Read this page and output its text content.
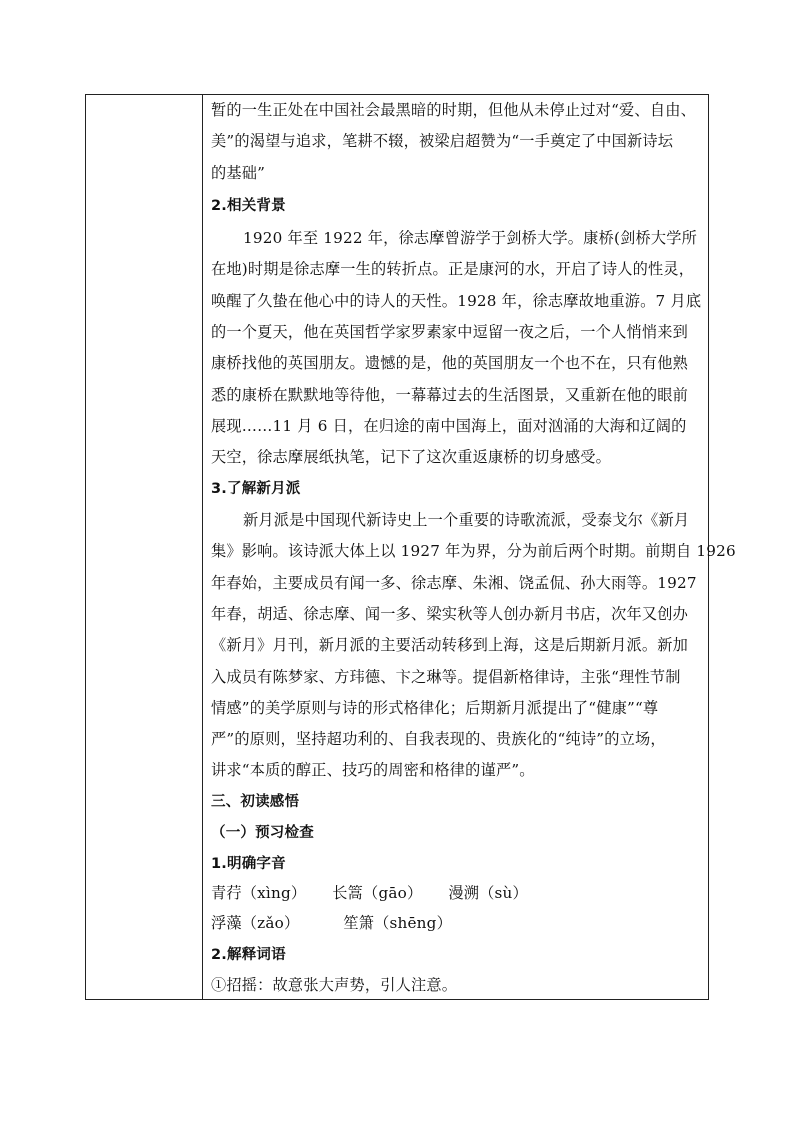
暂的一生正处在中国社会最黑暗的时期，但他从未停止过对“爱、自由、
美”的渴望与追求，笔耕不辍，被梁启超赞为“一手奠定了中国新诗坛
的基础”
2.相关背景
1920 年至 1922 年，徐志摩曾游学于剑桥大学。康桥(剑桥大学所
在地)时期是徐志摩一生的转折点。正是康河的水，开启了诗人的性灵，
唤醒了久蛰在他心中的诗人的天性。1928 年，徐志摩故地重游。7 月底
的一个夏天，他在英国哲学家罗素家中逗留一夜之后，一个人悄悄来到
康桥找他的英国朋友。遗憾的是，他的英国朋友一个也不在，只有他熟
悉的康桥在默默地等待他，一幕幕过去的生活图景，又重新在他的眼前
展现……11 月 6 日，在归途的南中国海上，面对汹涌的大海和辽阔的
天空，徐志摩展纸执笔，记下了这次重返康桥的切身感受。
3.了解新月派
新月派是中国现代新诗史上一个重要的诗歌流派，受泰戈尔《新月
集》影响。该诗派大体上以 1927 年为界，分为前后两个时期。前期自 1926
年春始，主要成员有闻一多、徐志摩、朱湘、饶孟侃、孙大雨等。1927
年春，胡适、徐志摩、闻一多、梁实秋等人创办新月书店，次年又创办
《新月》月刊，新月派的主要活动转移到上海，这是后期新月派。新加
入成员有陈梦家、方玮德、卞之琳等。提倡新格律诗，主张“理性节制
情感”的美学原则与诗的形式格律化；后期新月派提出了“健康”“尊
严”的原则，坚持超功利的、自我表现的、贵族化的“纯诗”的立场，
讲求“本质的醇正、技巧的周密和格律的谨严”。
三、初读感悟
（一）预习检查
1.明确字音
青荇（xìng） 长篙（gāo） 漫溯（sù）
浮藻（zǎo）	笙箫（shēng）
2.解释词语
①招摇：故意张大声势，引人注意。
